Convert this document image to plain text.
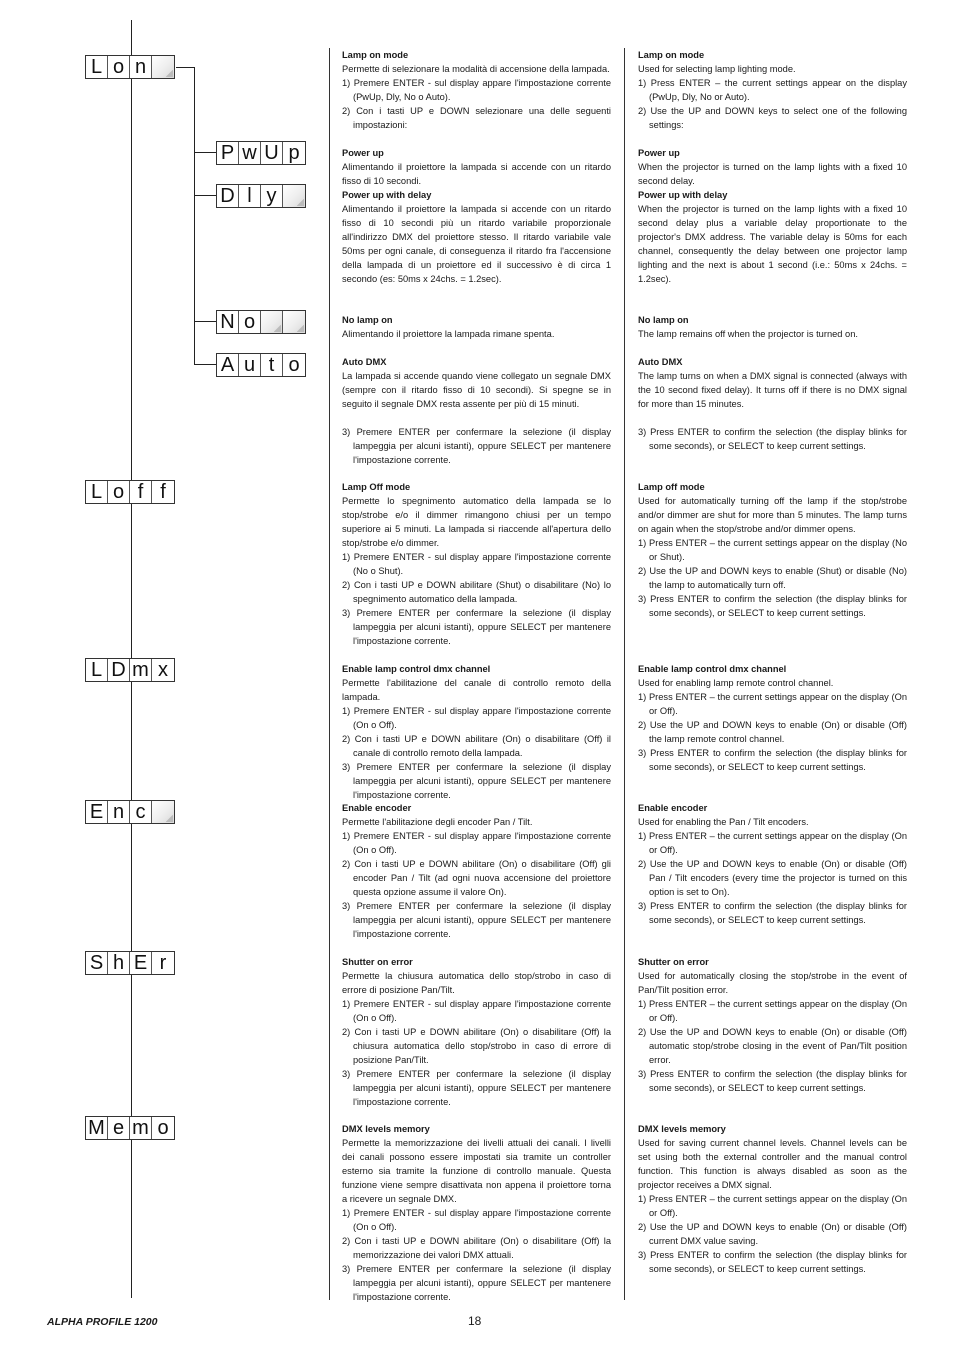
L o n
P w U p
D l y
N o
A u t o
L o f f
L D m x
E n c
S h E r
M e m o
Lamp on mode
Permette di selezionare la modalità di accensione della lampada.
1) Premere ENTER - sul display appare l'impostazione corrente (PwUp, Dly, No o Auto).
2) Con i tasti UP e DOWN selezionare una delle seguenti impostazioni:
Power up
Alimentando il proiettore la lampada si accende con un ritardo fisso di 10 secondi.
Power up with delay
Alimentando il proiettore la lampada si accende con un ritardo fisso di 10 secondi più un ritardo variabile proporzionale all'indirizzo DMX del proiettore stesso. Il ritardo variabile vale 50ms per ogni canale, di conseguenza il ritardo fra l'accensione della lampada di un proiettore ed il successivo è di circa 1 secondo (es: 50ms x 24chs. = 1.2sec).
No lamp on
Alimentando il proiettore la lampada rimane spenta.
Auto DMX
La lampada si accende quando viene collegato un segnale DMX (sempre con il ritardo fisso di 10 secondi). Si spegne se in seguito il segnale DMX resta assente per più di 15 minuti.
3) Premere ENTER per confermare la selezione (il display lampeggia per alcuni istanti), oppure SELECT per mantenere l'impostazione corrente.
Lamp Off mode
Permette lo spegnimento automatico della lampada se lo stop/strobe e/o il dimmer rimangono chiusi per un tempo superiore ai 5 minuti. La lampada si riaccende all'apertura dello stop/strobe e/o dimmer.
1) Premere ENTER - sul display appare l'impostazione corrente (No o Shut).
2) Con i tasti UP e DOWN abilitare (Shut) o disabilitare (No) lo spegnimento automatico della lampada.
3) Premere ENTER per confermare la selezione (il display lampeggia per alcuni istanti), oppure SELECT per mantenere l'impostazione corrente.
Enable lamp control dmx channel
Permette l'abilitazione del canale di controllo remoto della lampada.
1) Premere ENTER - sul display appare l'impostazione corrente (On o Off).
2) Con i tasti UP e DOWN abilitare (On) o disabilitare (Off) il canale di controllo remoto della lampada.
3) Premere ENTER per confermare la selezione (il display lampeggia per alcuni istanti), oppure SELECT per mantenere l'impostazione corrente.
Enable encoder
Permette l'abilitazione degli encoder Pan / Tilt.
1) Premere ENTER - sul display appare l'impostazione corrente (On o Off).
2) Con i tasti UP e DOWN abilitare (On) o disabilitare (Off) gli encoder Pan / Tilt (ad ogni nuova accensione del proiettore questa opzione assume il valore On).
3) Premere ENTER per confermare la selezione (il display lampeggia per alcuni istanti), oppure SELECT per mantenere l'impostazione corrente.
Shutter on error
Permette la chiusura automatica dello stop/strobo in caso di errore di posizione Pan/Tilt.
1) Premere ENTER - sul display appare l'impostazione corrente (On o Off).
2) Con i tasti UP e DOWN abilitare (On) o disabilitare (Off) la chiusura automatica dello stop/strobo in caso di errore di posizione Pan/Tilt.
3) Premere ENTER per confermare la selezione (il display lampeggia per alcuni istanti), oppure SELECT per mantenere l'impostazione corrente.
DMX levels memory
Permette la memorizzazione dei livelli attuali dei canali. I livelli dei canali possono essere impostati sia tramite un controller esterno sia tramite la funzione di controllo manuale. Questa funzione viene sempre disattivata non appena il proiettore torna a ricevere un segnale DMX.
1) Premere ENTER - sul display appare l'impostazione corrente (On o Off).
2) Con i tasti UP e DOWN abilitare (On) o disabilitare (Off) la memorizzazione dei valori DMX attuali.
3) Premere ENTER per confermare la selezione (il display lampeggia per alcuni istanti), oppure SELECT per mantenere l'impostazione corrente.
Lamp on mode
Used for selecting lamp lighting mode.
1) Press ENTER – the current settings appear on the display (PwUp, Dly, No or Auto).
2) Use the UP and DOWN keys to select one of the following settings:
Power up
When the projector is turned on the lamp lights with a fixed 10 second delay.
Power up with delay
When the projector is turned on the lamp lights with a fixed 10 second delay plus a variable delay proportionate to the projector's DMX address. The variable delay is 50ms for each channel, consequently the delay between one projector lamp lighting and the next is about 1 second (i.e.: 50ms x 24chs. = 1.2sec).
No lamp on
The lamp remains off when the projector is turned on.
Auto DMX
The lamp turns on when a DMX signal is connected (always with the 10 second fixed delay). It turns off if there is no DMX signal for more than 15 minutes.
3) Press ENTER to confirm the selection (the display blinks for some seconds), or SELECT to keep current settings.
Lamp off mode
Used for automatically turning off the lamp if the stop/strobe and/or dimmer are shut for more than 5 minutes. The lamp turns on again when the stop/strobe and/or dimmer opens.
1) Press ENTER – the current settings appear on the display (No or Shut).
2) Use the UP and DOWN keys to enable (Shut) or disable (No) the lamp to automatically turn off.
3) Press ENTER to confirm the selection (the display blinks for some seconds), or SELECT to keep current settings.
Enable lamp control dmx channel
Used for enabling lamp remote control channel.
1) Press ENTER – the current settings appear on the display (On or Off).
2) Use the UP and DOWN keys to enable (On) or disable (Off) the lamp remote control channel.
3) Press ENTER to confirm the selection (the display blinks for some seconds), or SELECT to keep current settings.
Enable encoder
Used for enabling the Pan / Tilt encoders.
1) Press ENTER – the current settings appear on the display (On or Off).
2) Use the UP and DOWN keys to enable (On) or disable (Off) Pan / Tilt encoders (every time the projector is turned on this option is set to On).
3) Press ENTER to confirm the selection (the display blinks for some seconds), or SELECT to keep current settings.
Shutter on error
Used for automatically closing the stop/strobe in the event of Pan/Tilt position error.
1) Press ENTER – the current settings appear on the display (On or Off).
2) Use the UP and DOWN keys to enable (On) or disable (Off) automatic stop/strobe closing in the event of Pan/Tilt position error.
3) Press ENTER to confirm the selection (the display blinks for some seconds), or SELECT to keep current settings.
DMX levels memory
Used for saving current channel levels. Channel levels can be set using both the external controller and the manual control function. This function is always disabled as soon as the projector receives a DMX signal.
1) Press ENTER – the current settings appear on the display (On or Off).
2) Use the UP and DOWN keys to enable (On) or disable (Off) current DMX value saving.
3) Press ENTER to confirm the selection (the display blinks for some seconds), or SELECT to keep current settings.
ALPHA PROFILE 1200	18
